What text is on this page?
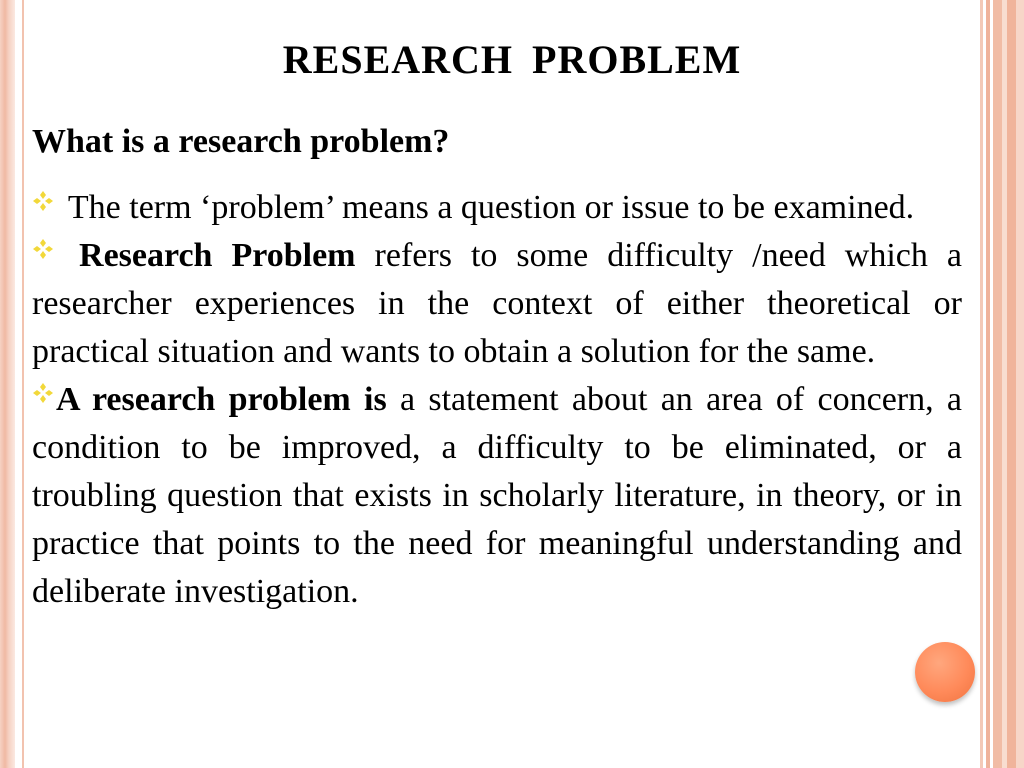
RESEARCH PROBLEM

What is a research problem?

The term ‘problem’ means a question or issue to be examined.

Research Problem refers to some difficulty /need which a researcher experiences in the context of either theoretical or practical situation and wants to obtain a solution for the same.

A research problem is a statement about an area of concern, a condition to be improved, a difficulty to be eliminated, or a troubling question that exists in scholarly literature, in theory, or in practice that points to the need for meaningful understanding and deliberate investigation.
